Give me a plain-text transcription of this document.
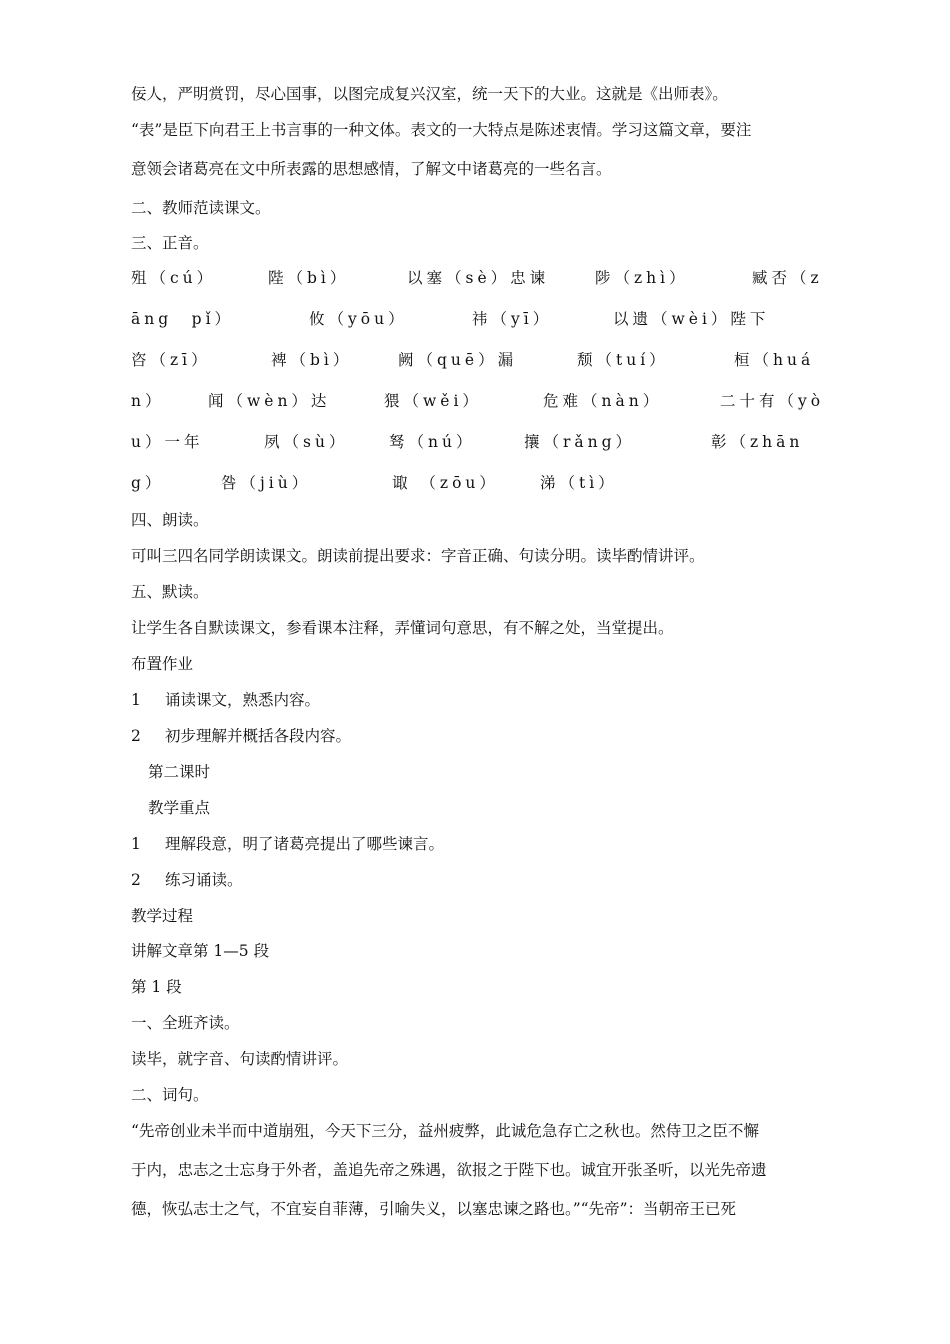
佞人，严明赏罚，尽心国事，以图完成复兴汉室，统一天下的大业。这就是《出师表》。
“表”是臣下向君王上书言事的一种文体。表文的一大特点是陈述衷情。学习这篇文章，要注
意领会诸葛亮在文中所表露的思想感情，了解文中诸葛亮的一些名言。
二、教师范读课文。
三、正音。
殂（cú）	陛（bì）	以塞（sè）忠谏	陟（zhì）	臧否（z
āng　pǐ）	攸（yōu）	祎（yī）	以遗（wèi）陛下
咨（zī）	裨（bì）	阙（quē）漏	颓（tuí）	桓（huá
n）	闻（wèn）达	猥（wěi）	危难（nàn）	二十有（yò
u）一年	夙（sù）	驽（nú）	攘（rǎng）	彰（zhān
g）	咎（jiù）	诹 （zōu）	涕（tì）
四、朗读。
可叫三四名同学朗读课文。朗读前提出要求：字音正确、句读分明。读毕酌情讲评。
五、默读。
让学生各自默读课文，参看课本注释，弄懂词句意思，有不解之处，当堂提出。
布置作业
1 诵读课文，熟悉内容。
2 初步理解并概括各段内容。
第二课时
教学重点
1 理解段意，明了诸葛亮提出了哪些谏言。
2 练习诵读。
教学过程
讲解文章第 1—5 段
第 1 段
一、全班齐读。
读毕，就字音、句读酌情讲评。
二、词句。
“先帝创业未半而中道崩殂，今天下三分，益州疲弊，此诚危急存亡之秋也。然侍卫之臣不懈
于内，忠志之士忘身于外者，盖追先帝之殊遇，欲报之于陛下也。诚宜开张圣听，以光先帝遗
德，恢弘志士之气，不宜妄自菲薄，引喻失义，以塞忠谏之路也。”“先帝”：当朝帝王已死
